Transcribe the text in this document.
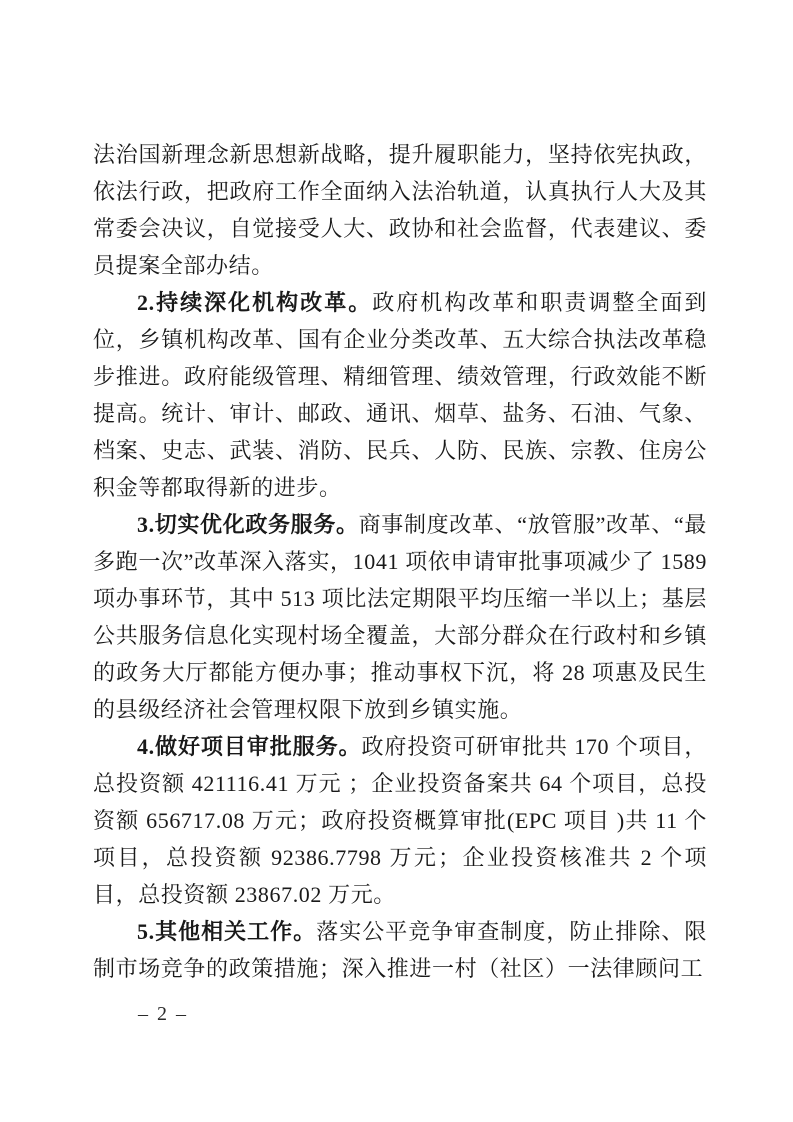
法治国新理念新思想新战略，提升履职能力，坚持依宪执政，依法行政，把政府工作全面纳入法治轨道，认真执行人大及其常委会决议，自觉接受人大、政协和社会监督，代表建议、委员提案全部办结。

2.持续深化机构改革。政府机构改革和职责调整全面到位，乡镇机构改革、国有企业分类改革、五大综合执法改革稳步推进。政府能级管理、精细管理、绩效管理，行政效能不断提高。统计、审计、邮政、通讯、烟草、盐务、石油、气象、档案、史志、武装、消防、民兵、人防、民族、宗教、住房公积金等都取得新的进步。

3.切实优化政务服务。商事制度改革、“放管服”改革、“最多跑一次”改革深入落实，1041 项依申请审批事项减少了 1589 项办事环节，其中 513 项比法定期限平均压缩一半以上；基层公共服务信息化实现村场全覆盖，大部分群众在行政村和乡镇的政务大厅都能方便办事；推动事权下沉，将 28 项惠及民生的县级经济社会管理权限下放到乡镇实施。

4.做好项目审批服务。政府投资可研审批共 170 个项目，总投资额 421116.41 万元 ；企业投资备案共 64 个项目，总投资额 656717.08 万元；政府投资概算审批(EPC 项目 )共 11 个项目，总投资额 92386.7798 万元；企业投资核准共 2 个项目，总投资额 23867.02 万元。

5.其他相关工作。落实公平竞争审查制度，防止排除、限制市场竞争的政策措施；深入推进一村（社区）一法律顾问工

– 2 –
